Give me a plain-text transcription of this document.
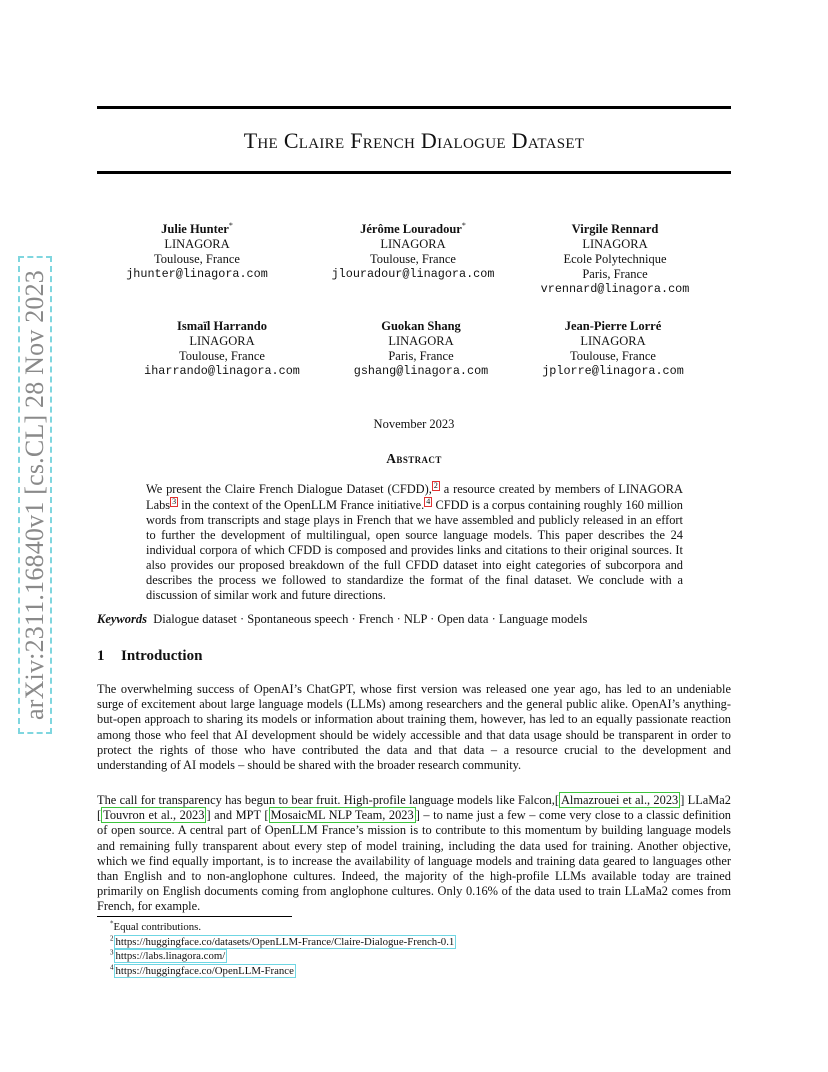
arXiv:2311.16840v1 [cs.CL] 28 Nov 2023
The Claire French Dialogue Dataset
Julie Hunter*
LINAGORA
Toulouse, France
jhunter@linagora.com
Jérôme Louradour*
LINAGORA
Toulouse, France
jlouradour@linagora.com
Virgile Rennard
LINAGORA
Ecole Polytechnique
Paris, France
vrennard@linagora.com
Ismaïl Harrando
LINAGORA
Toulouse, France
iharrando@linagora.com
Guokan Shang
LINAGORA
Paris, France
gshang@linagora.com
Jean-Pierre Lorré
LINAGORA
Toulouse, France
jplorre@linagora.com
November 2023
Abstract
We present the Claire French Dialogue Dataset (CFDD), 2 a resource created by members of LINAGORA Labs 3 in the context of the OpenLLM France initiative. 4 CFDD is a corpus containing roughly 160 million words from transcripts and stage plays in French that we have assembled and publicly released in an effort to further the development of multilingual, open source language models. This paper describes the 24 individual corpora of which CFDD is composed and provides links and citations to their original sources. It also provides our proposed breakdown of the full CFDD dataset into eight categories of subcorpora and describes the process we followed to standardize the format of the final dataset. We conclude with a discussion of similar work and future directions.
Keywords Dialogue dataset · Spontaneous speech · French · NLP · Open data · Language models
1 Introduction
The overwhelming success of OpenAI’s ChatGPT, whose first version was released one year ago, has led to an undeniable surge of excitement about large language models (LLMs) among researchers and the general public alike. OpenAI’s anything-but-open approach to sharing its models or information about training them, however, has led to an equally passionate reaction among those who feel that AI development should be widely accessible and that data usage should be transparent in order to protect the rights of those who have contributed the data and that data – a resource crucial to the development and understanding of AI models – should be shared with the broader research community.
The call for transparency has begun to bear fruit. High-profile language models like Falcon,[ Almazrouei et al., 2023 ] LLaMa2 [ Touvron et al., 2023 ] and MPT [ MosaicML NLP Team, 2023 ] – to name just a few – come very close to a classic definition of open source. A central part of OpenLLM France’s mission is to contribute to this momentum by building language models and remaining fully transparent about every step of model training, including the data used for training. Another objective, which we find equally important, is to increase the availability of language models and training data geared to languages other than English and to non-anglophone cultures. Indeed, the majority of the high-profile LLMs available today are trained primarily on English documents coming from anglophone cultures. Only 0.16% of the data used to train LLaMa2 comes from French, for example.
*Equal contributions.
$^2$ https://huggingface.co/datasets/OpenLLM-France/Claire-Dialogue-French-0.1
$^3$ https://labs.linagora.com/
$^4$ https://huggingface.co/OpenLLM-France
